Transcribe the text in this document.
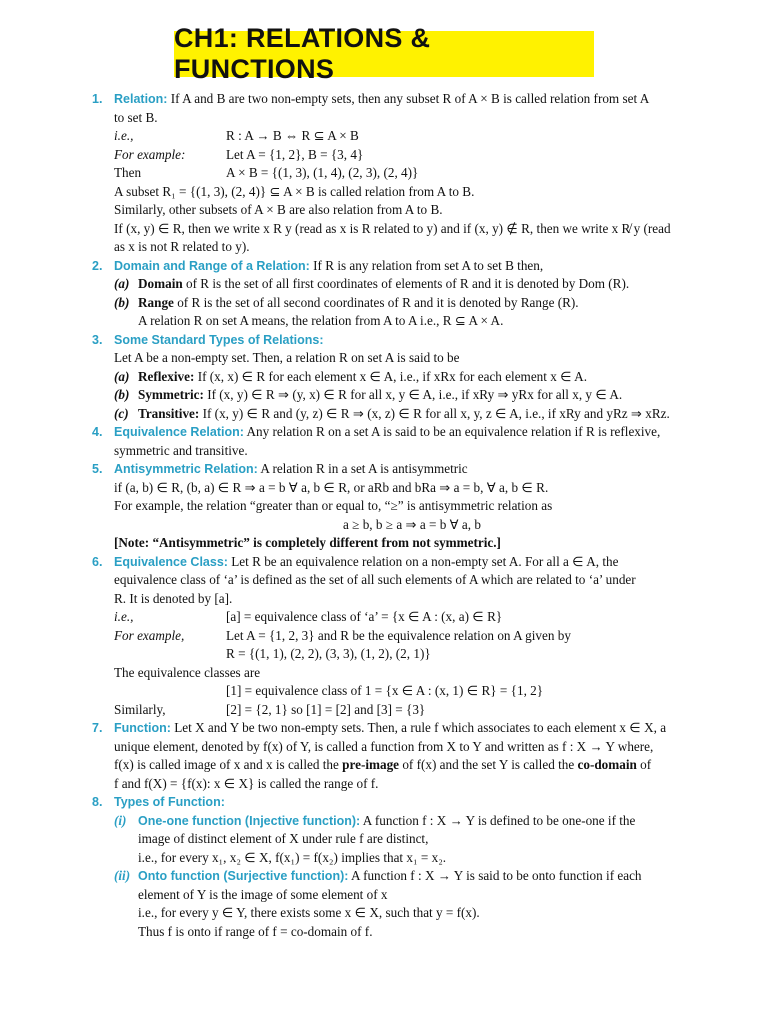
CH1: RELATIONS & FUNCTIONS
1. Relation: If A and B are two non-empty sets, then any subset R of A × B is called relation from set A

to set B.

i.e.,	R : A → B ⇔ R ⊆ A × B
For example:	Let A = {1, 2}, B = {3, 4}
Then	A × B = {(1, 3), (1, 4), (2, 3), (2, 4)}

A subset R₁ = {(1, 3), (2, 4)} ⊆ A × B is called relation from A to B.

Similarly, other subsets of A × B are also relation from A to B.

If (x, y) ∈ R, then we write x R y (read as x is R related to y) and if (x, y) ∉ R, then we write x R̸ y (read

as x is not R related to y).

2. Domain and Range of a Relation: If R is any relation from set A to set B then,

(a) Domain of R is the set of all first coordinates of elements of R and it is denoted by Dom (R).
(b) Range of R is the set of all second coordinates of R and it is denoted by Range (R).

A relation R on set A means, the relation from A to A i.e., R ⊆ A × A.

3. Some Standard Types of Relations:

Let A be a non-empty set. Then, a relation R on set A is said to be

(a) Reflexive: If (x, x) ∈ R for each element x ∈ A, i.e., if xRx for each element x ∈ A.
(b) Symmetric: If (x, y) ∈ R ⇒ (y, x) ∈ R for all x, y ∈ A, i.e., if xRy ⇒ yRx for all x, y ∈ A.
(c) Transitive: If (x, y) ∈ R and (y, z) ∈ R ⇒ (x, z) ∈ R for all x, y, z ∈ A, i.e., if xRy and yRz ⇒ xRz.
4. Equivalence Relation: Any relation R on a set A is said to be an equivalence relation if R is reflexive,

symmetric and transitive.

5. Antisymmetric Relation: A relation R in a set A is antisymmetric

if (a, b) ∈ R, (b, a) ∈ R ⇒ a = b ∀ a, b ∈ R, or aRb and bRa ⇒ a = b, ∀ a, b ∈ R.

For example, the relation “greater than or equal to, “≥” is antisymmetric relation as

a ≥ b, b ≥ a ⇒ a = b ∀ a, b

[Note: “Antisymmetric” is completely different from not symmetric.]

6. Equivalence Class: Let R be an equivalence relation on a non-empty set A. For all a ∈ A, the

equivalence class of ‘a’ is defined as the set of all such elements of A which are related to ‘a’ under

R. It is denoted by [a].

i.e.,	[a] = equivalence class of ‘a’ = {x ∈ A : (x, a) ∈ R}
For example,	Let A = {1, 2, 3} and R be the equivalence relation on A given by
R = {(1, 1), (2, 2), (3, 3), (1, 2), (2, 1)}

The equivalence classes are

[1] = equivalence class of 1 = {x ∈ A : (x, 1) ∈ R} = {1, 2}
Similarly,	[2] = {2, 1} so [1] = [2] and [3] = {3}
7. Function: Let X and Y be two non-empty sets. Then, a rule f which associates to each element x ∈ X, a

unique element, denoted by f(x) of Y, is called a function from X to Y and written as f : X → Y where,

f(x) is called image of x and x is called the pre-image of f(x) and the set Y is called the co-domain of

f and f(X) = {f(x): x ∈ X} is called the range of f.

8. Types of Function:

(i) One-one function (Injective function): A function f : X → Y is defined to be one-one if the

image of distinct element of X under rule f are distinct,

i.e., for every x₁, x₂ ∈ X, f(x₁) = f(x₂) implies that x₁ = x₂.

(ii) Onto function (Surjective function): A function f : X → Y is said to be onto function if each

element of Y is the image of some element of x

i.e., for every y ∈ Y, there exists some x ∈ X, such that y = f(x).

Thus f is onto if range of f = co-domain of f.
